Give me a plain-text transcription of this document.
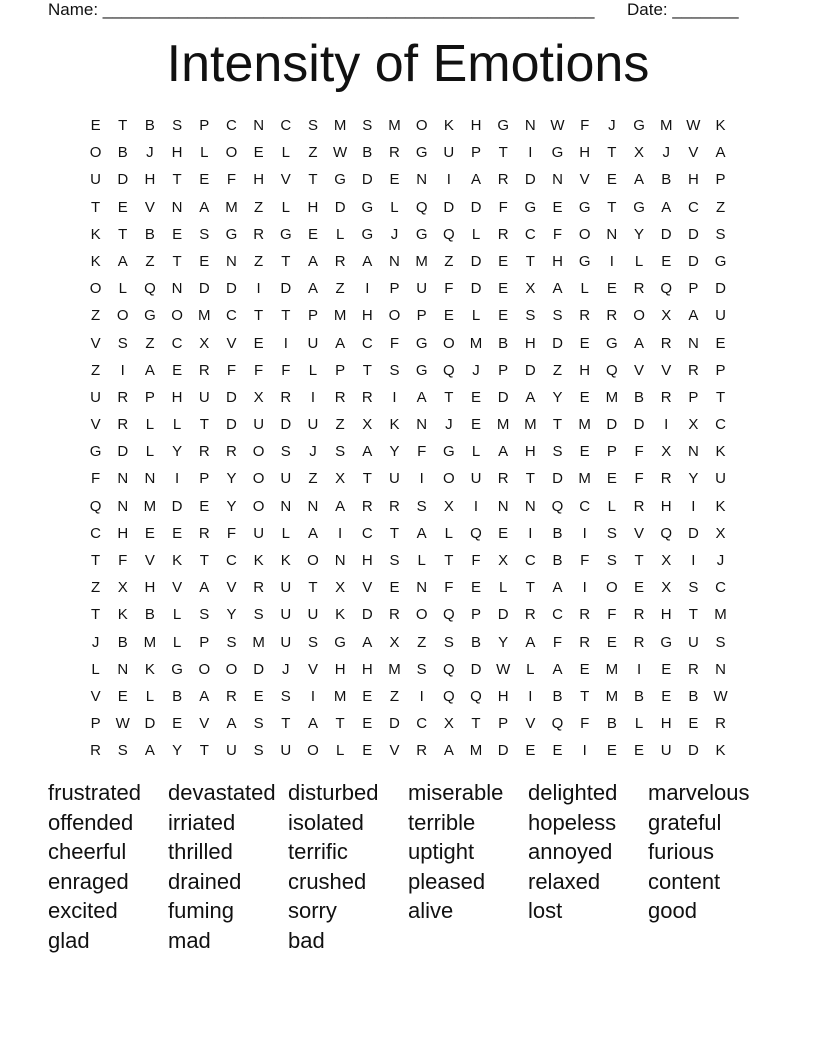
Name: ____________________________________________________ Date: _______
Intensity of Emotions
E	T	B	S	P	C	N	C	S	M	S	M	O	K	H	G	N W	F	J	G	M W	K
O	B	J	H	L	O	E	L	Z	W	B	R	G	U	P	T	I	G	H	T	X	J	V	A
U	D	H	T	E	F	H	V	T	G	D	E	N	I	A	R	D	N	V	E	A	B	H	P
T	E	V	N	A	M	Z	L	H	D	G	L	Q	D	D	F	G	E	G	T	G	A	C	Z
K	T	B	E	S	G	R	G	E	L	G	J	G	Q	L	R	C	F	O	N	Y	D	D	S
K	A	Z	T	E	N	Z	T	A	R	A	N	M	Z	D	E	T	H	G	I	L	E	D	G
O	L	Q	N	D	D	I	D	A	Z	I	P	U	F	D	E	X	A	L	E	R	Q	P	D
Z	O	G	O	M	C	T	T	P	M	H	O	P	E	L	E	S	S	R	R	O	X	A	U
V	S	Z	C	X	V	E	I	U	A	C	F	G	O	M	B	H	D	E	G	A	R	N	E
Z	I	A	E	R	F	F	F	L	P	T	S	G	Q	J	P	D	Z	H	Q	V	V	R	P
U	R	P	H	U	D	X	R	I	R	R	I	A	T	E	D	A	Y	E	M	B	R	P	T
V	R	L	L	T	D	U	D	U	Z	X	K	N	J	E	M M	T	M	D	D	I	X	C
G	D	L	Y	R	R	O	S	J	S	A	Y	F	G	L	A	H	S	E	P	F	X	N	K
F	N	N	I	P	Y	O	U	Z	X	T	U	I	O	U	R	T	D	M	E	F	R	Y	U
Q	N	M	D	E	Y	O	N	N	A	R	R	S	X	I	N	N	Q	C	L	R	H	I	K
C	H	E	E	R	F	U	L	A	I	C	T	A	L	Q	E	I	B	I	S	V	Q	D	X
T	F	V	K	T	C	K	K	O	N	H	S	L	T	F	X	C	B	F	S	T	X	I	J
Z	X	H	V	A	V	R	U	T	X	V	E	N	F	E	L	T	A	I	O	E	X	S	C
T	K	B	L	S	Y	S	U	U	K	D	R	O	Q	P	D	R	C	R	F	R	H	T	M
J	B	M	L	P	S	M	U	S	G	A	X	Z	S	B	Y	A	F	R	E	R	G	U	S
L	N	K	G	O	O	D	J	V	H	H	M	S	Q	D W	L	A	E	M	I	E	R	N
V	E	L	B	A	R	E	S	I	M	E	Z	I	Q	Q	H	I	B	T	M	B	E	B	W
P	W D	E	V	A	S	T	A	T	E	D	C	X	T	P	V	Q	F	B	L	H	E	R
R	S	A	Y	T	U	S	U	O	L	E	V	R	A	M	D	E	E	I	E	E	U	D	K
frustrated	devastated disturbed	miserable	delighted	marvelous
offended	irriated	isolated	terrible	hopeless	grateful
cheerful	thrilled	terrific	uptight	annoyed	furious
enraged	drained	crushed	pleased	relaxed	content
excited	fuming	sorry	alive	lost	good
glad	mad	bad
